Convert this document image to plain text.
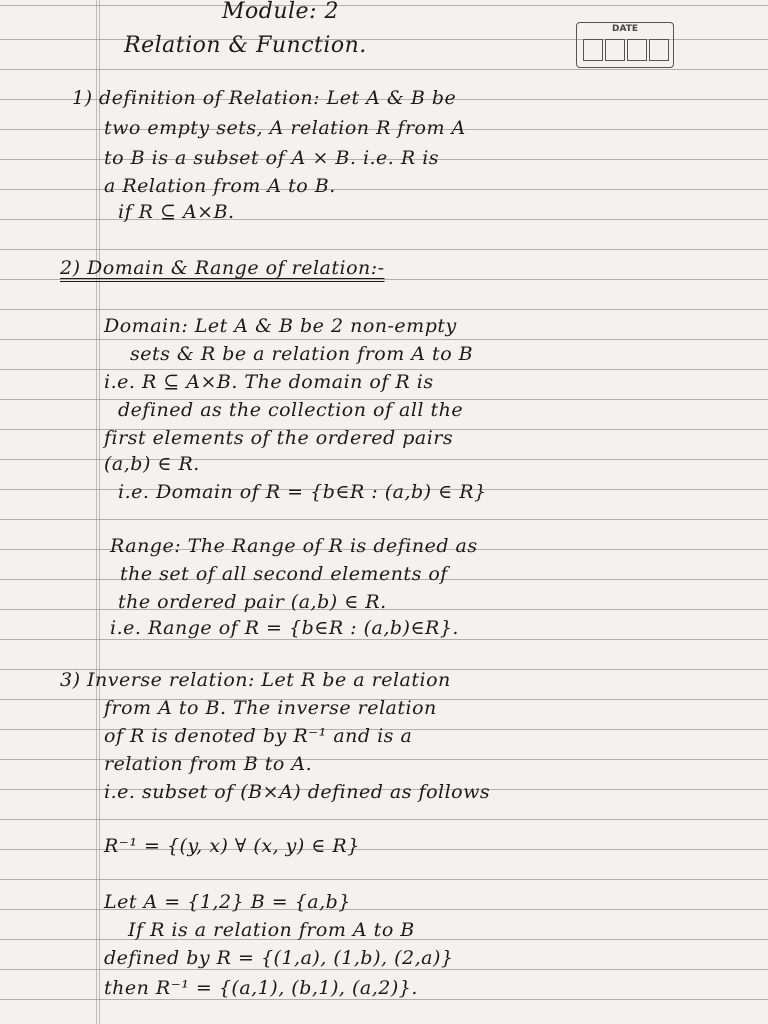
DATE
Module: 2
Relation & Function.
1) definition of Relation: Let A & B be
two empty sets, A relation R from A
to B is a subset of A × B. i.e. R is
a Relation from A to B.
if R ⊆ A×B.
2) Domain & Range of relation:-
Domain: Let A & B be 2 non-empty
sets & R be a relation from A to B
i.e. R ⊆ A×B. The domain of R is
defined as the collection of all the
first elements of the ordered pairs
(a,b) ∈ R.
i.e. Domain of R = {b∈R : (a,b) ∈ R}
Range: The Range of R is defined as
the set of all second elements of
the ordered pair (a,b) ∈ R.
i.e. Range of R = {b∈R : (a,b)∈R}.
3) Inverse relation: Let R be a relation
from A to B. The inverse relation
of R is denoted by R⁻¹ and is a
relation from B to A.
i.e. subset of (B×A) defined as follows
R⁻¹ = {(y, x) ∀ (x, y) ∈ R}
Let A = {1,2} B = {a,b}
If R is a relation from A to B
defined by R = {(1,a), (1,b), (2,a)}
then R⁻¹ = {(a,1), (b,1), (a,2)}.
